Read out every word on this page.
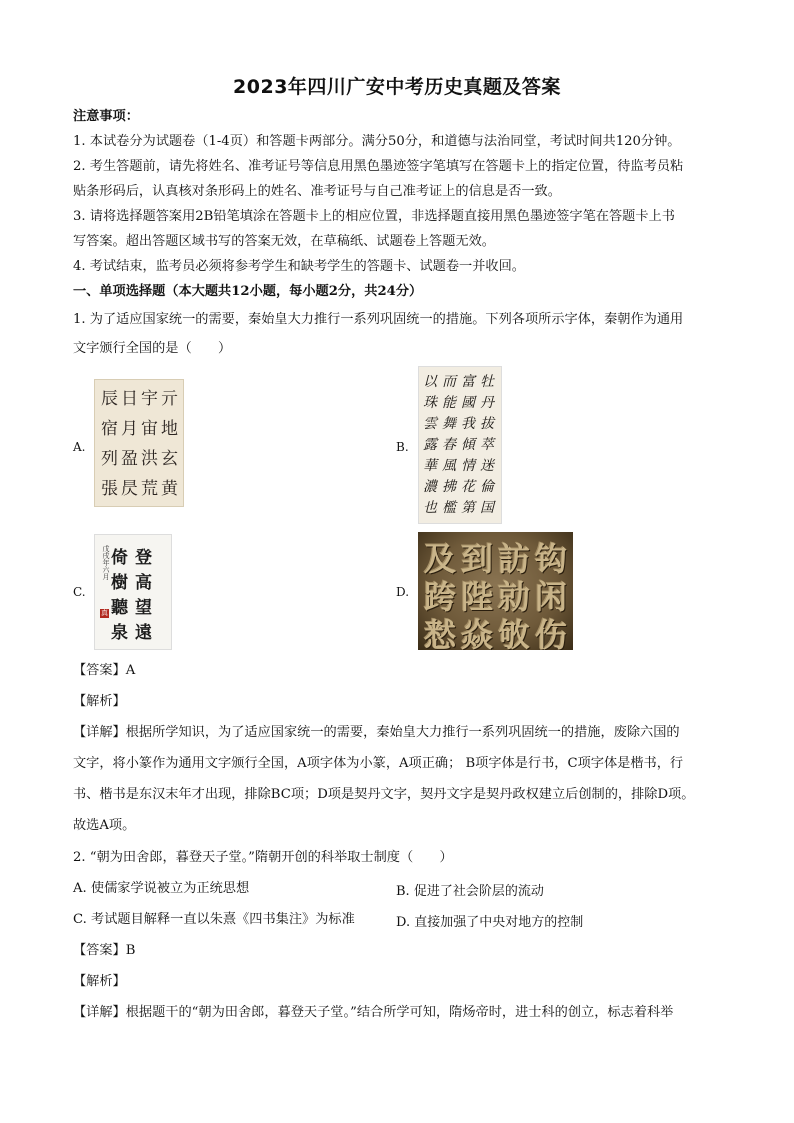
2023年四川广安中考历史真题及答案
注意事项：
1. 本试卷分为试题卷（1-4页）和答题卡两部分。满分50分，和道德与法治同堂，考试时间共120分钟。
2. 考生答题前，请先将姓名、准考证号等信息用黑色墨迹签字笔填写在答题卡上的指定位置，待监考员粘
贴条形码后，认真核对条形码上的姓名、准考证号与自己准考证上的信息是否一致。
3. 请将选择题答案用2B铅笔填涂在答题卡上的相应位置，非选择题直接用黑色墨迹签字笔在答题卡上书
写答案。超出答题区域书写的答案无效，在草稿纸、试题卷上答题无效。
4. 考试结束，监考员必须将参考学生和缺考学生的答题卡、试题卷一并收回。
一、单项选择题（本大题共12小题，每小题2分，共24分）
1. 为了适应国家统一的需要，秦始皇大力推行一系列巩固统一的措施。下列各项所示字体，秦朝作为通用
文字颁行全国的是（　　）
A.
亓
地
玄
黄
宇
宙
洪
荒
日
月
盈
昃
辰
宿
列
張
B.
牡
丹
拔
萃
迷
倫
国
富
國
我
傾
情
花
第
而
能
舞
春
風
拂
檻
以
珠
雲
露
華
濃
也
C.
登
高
望
遠
倚
樹
聽
泉
戊戌年六月
真
D.
及 到 訪 钩
跨 陛 勍 闲
慭 焱 敂 伤
【答案】A
【解析】
【详解】根据所学知识，为了适应国家统一的需要，秦始皇大力推行一系列巩固统一的措施，废除六国的
文字，将小篆作为通用文字颁行全国，A项字体为小篆，A项正确； B项字体是行书，C项字体是楷书，行
书、楷书是东汉末年才出现，排除BC项；D项是契丹文字，契丹文字是契丹政权建立后创制的，排除D项。
故选A项。
2. “朝为田舍郎，暮登天子堂。”隋朝开创的科举取士制度（　　）
A. 使儒家学说被立为正统思想	B. 促进了社会阶层的流动
C. 考试题目解释一直以朱熹《四书集注》为标准	D. 直接加强了中央对地方的控制
【答案】B
【解析】
【详解】根据题干的“朝为田舍郎，暮登天子堂。”结合所学可知，隋炀帝时，进士科的创立，标志着科举
